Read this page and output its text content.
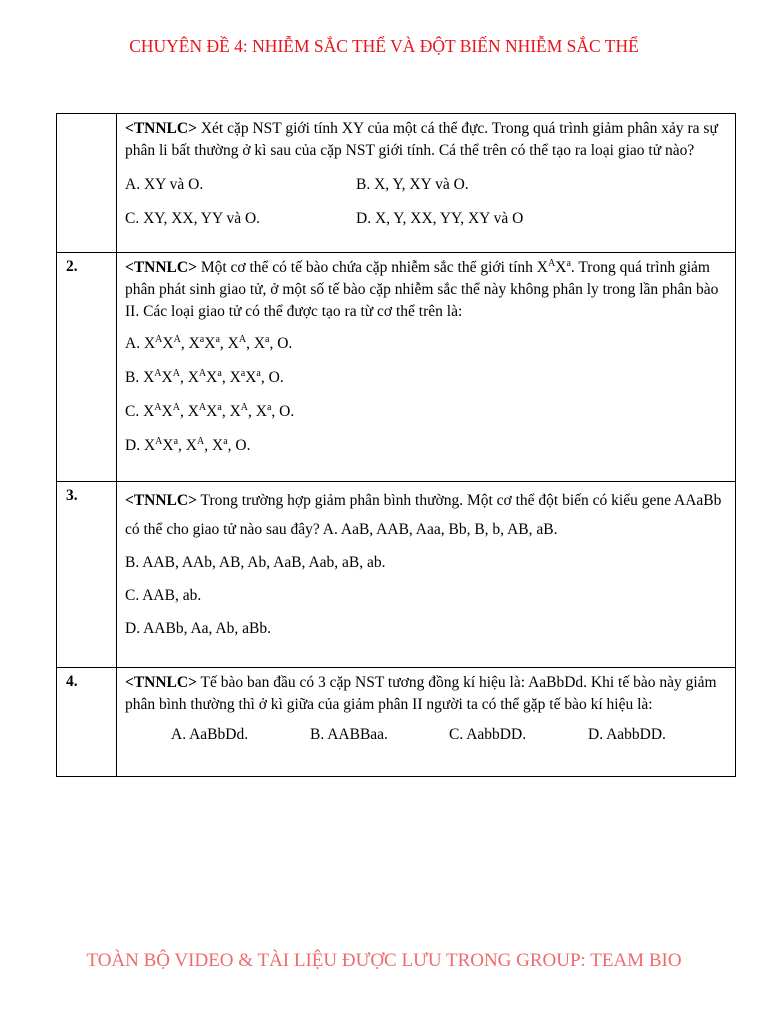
CHUYÊN ĐỀ 4: NHIỄM SẮC THỂ VÀ ĐỘT BIẾN NHIỄM SẮC THỂ

	<TNNLC> Xét cặp NST giới tính XY của một cá thể đực. Trong quá trình giảm phân xảy ra sự phân li bất thường ở kì sau của cặp NST giới tính. Cá thể trên có thể tạo ra loại giao tử nào?

A. XY và O. B. X, Y, XY và O.
C. XY, XX, YY và O. D. X, Y, XX, YY, XY và O

2.	<TNNLC> Một cơ thể có tế bào chứa cặp nhiễm sắc thể giới tính $X^AX^a$. Trong quá trình giảm phân phát sinh giao tử, ở một số tế bào cặp nhiễm sắc thể này không phân ly trong lần phân bào II. Các loại giao tử có thể được tạo ra từ cơ thể trên là:

A. $X^AX^A$, $X^aX^a$, $X^A$, $X^a$, O.

B. $X^AX^A$, $X^AX^a$, $X^aX^a$, O.

C. $X^AX^A$, $X^AX^a$, $X^A$, $X^a$, O.

D. $X^AX^a$, $X^A$, $X^a$, O.

3.	<TNNLC> Trong trường hợp giảm phân bình thường. Một cơ thể đột biến có kiểu gene AAaBb có thể cho giao tử nào sau đây? A. AaB, AAB, Aaa, Bb, B, b, AB, aB.

B. AAB, AAb, AB, Ab, AaB, Aab, aB, ab.

C. AAB, ab.

D. AABb, Aa, Ab, aBb.

4.	<TNNLC> Tế bào ban đầu có 3 cặp NST tương đồng kí hiệu là: AaBbDd. Khi tế bào này giảm phân bình thường thì ở kì giữa của giảm phân II người ta có thể gặp tế bào kí hiệu là:

A. AaBbDd. B. AABBaa. C. AabbDD. D. AabbDD.
TOÀN BỘ VIDEO & TÀI LIỆU ĐƯỢC LƯU TRONG GROUP: TEAM BIO
